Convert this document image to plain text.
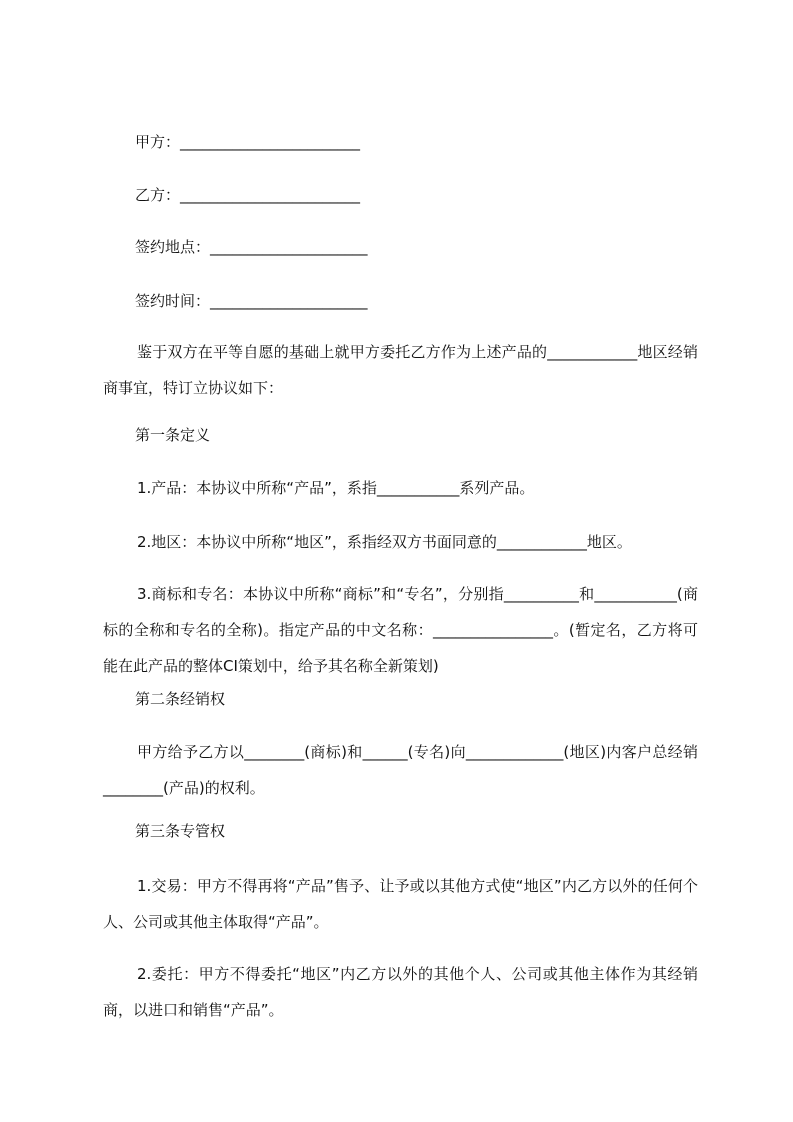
甲方：________________________
乙方：________________________
签约地点：_____________________
签约时间：_____________________
鉴于双方在平等自愿的基础上就甲方委托乙方作为上述产品的____________地区经销商事宜，特订立协议如下：
第一条定义
1.产品：本协议中所称“产品”，系指___________系列产品。
2.地区：本协议中所称“地区”，系指经双方书面同意的____________地区。
3.商标和专名：本协议中所称“商标”和“专名”，分别指__________和___________(商标的全称和专名的全称)。指定产品的中文名称：________________。(暂定名，乙方将可能在此产品的整体CI策划中，给予其名称全新策划)
第二条经销权
甲方给予乙方以________(商标)和______(专名)向_____________(地区)内客户总经销________(产品)的权利。
第三条专管权
1.交易：甲方不得再将“产品”售予、让予或以其他方式使“地区”内乙方以外的任何个人、公司或其他主体取得“产品”。
2.委托：甲方不得委托“地区”内乙方以外的其他个人、公司或其他主体作为其经销商，以进口和销售“产品”。
